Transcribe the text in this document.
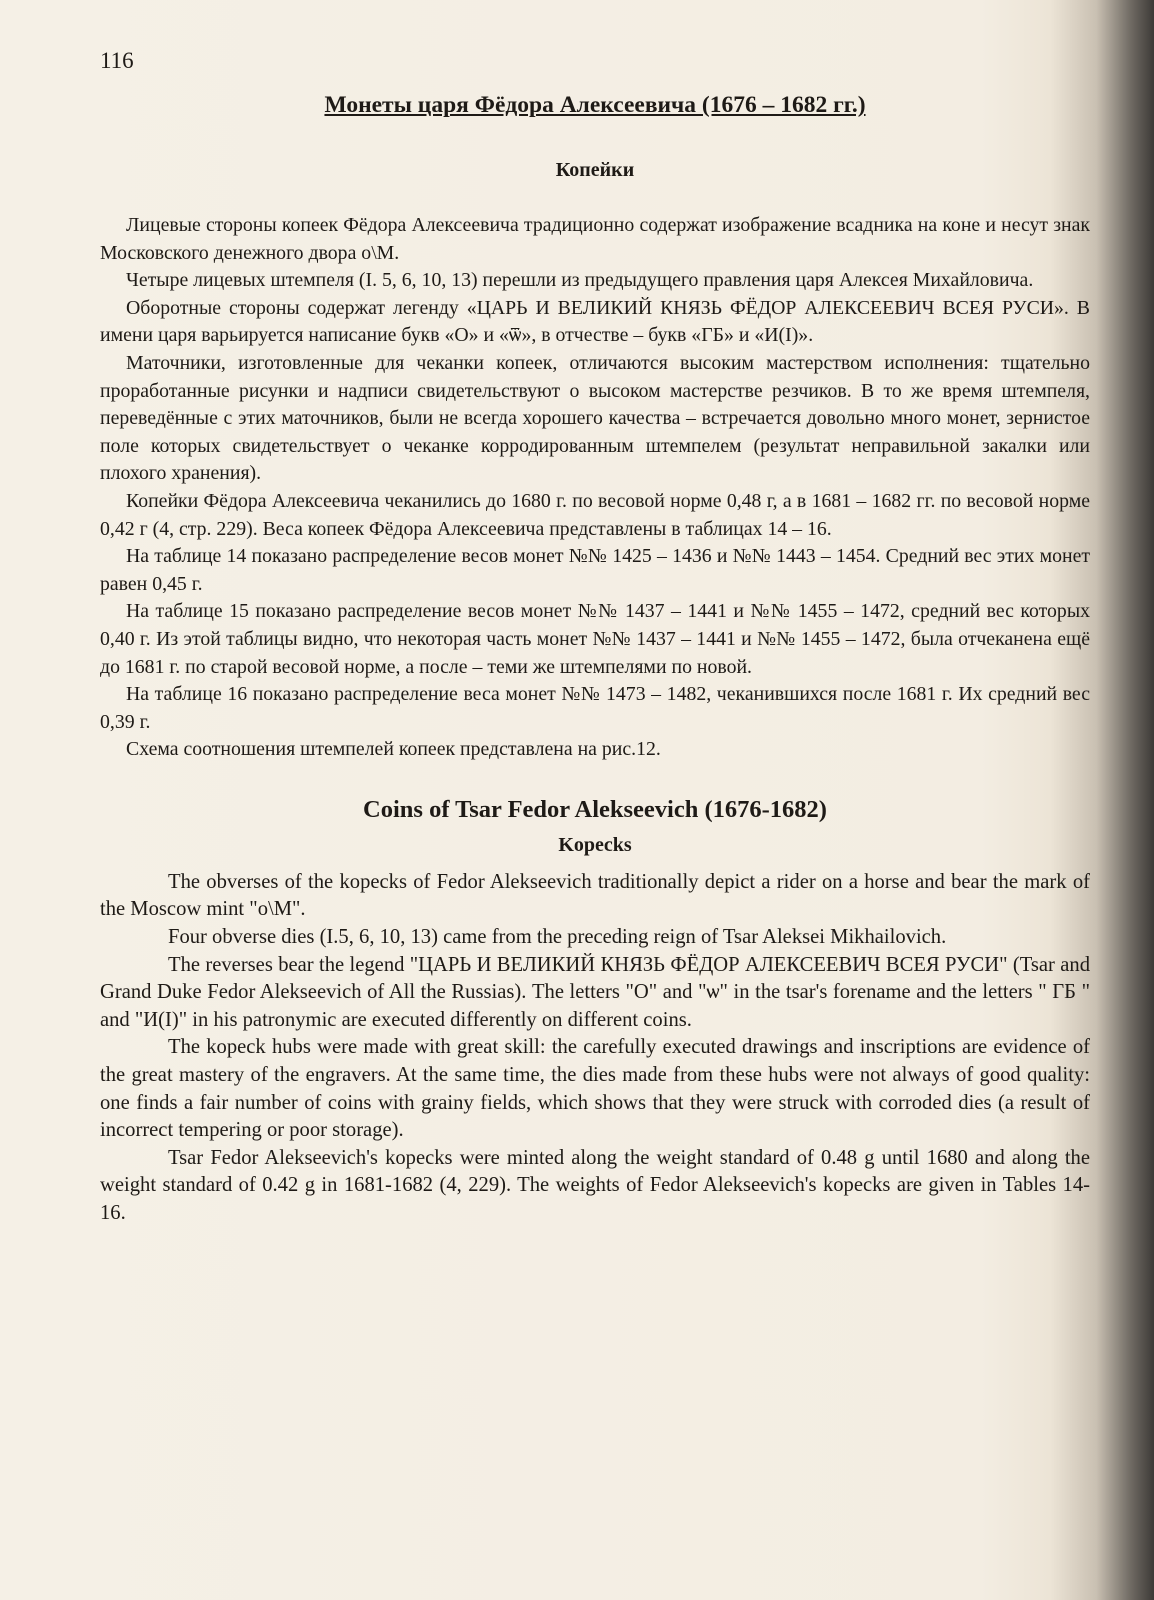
116
Монеты царя Фёдора Алексеевича (1676 – 1682 гг.)
Копейки

Лицевые стороны копеек Фёдора Алексеевича традиционно содержат изображение всадника на коне и несут знак Московского денежного двора о\М.

Четыре лицевых штемпеля (I. 5, 6, 10, 13) перешли из предыдущего правления царя Алексея Михайловича.

Оборотные стороны содержат легенду «ЦАРЬ И ВЕЛИКИЙ КНЯЗЬ ФЁДОР АЛЕКСЕЕВИЧ ВСЕЯ РУСИ». В имени царя варьируется написание букв «О» и «ѿ», в отчестве – букв «ГБ» и «И(I)».

Маточники, изготовленные для чеканки копеек, отличаются высоким мастерством исполнения: тщательно проработанные рисунки и надписи свидетельствуют о высоком мастерстве резчиков. В то же время штемпеля, переведённые с этих маточников, были не всегда хорошего качества – встречается довольно много монет, зернистое поле которых свидетельствует о чеканке корродированным штемпелем (результат неправильной закалки или плохого хранения).

Копейки Фёдора Алексеевича чеканились до 1680 г. по весовой норме 0,48 г, а в 1681 – 1682 гг. по весовой норме 0,42 г (4, стр. 229). Веса копеек Фёдора Алексеевича представлены в таблицах 14 – 16.

На таблице 14 показано распределение весов монет №№ 1425 – 1436 и №№ 1443 – 1454. Средний вес этих монет равен 0,45 г.

На таблице 15 показано распределение весов монет №№ 1437 – 1441 и №№ 1455 – 1472, средний вес которых 0,40 г. Из этой таблицы видно, что некоторая часть монет №№ 1437 – 1441 и №№ 1455 – 1472, была отчеканена ещё до 1681 г. по старой весовой норме, а после – теми же штемпелями по новой.

На таблице 16 показано распределение веса монет №№ 1473 – 1482, чеканившихся после 1681 г. Их средний вес 0,39 г.

Схема соотношения штемпелей копеек представлена на рис.12.

Coins of Tsar Fedor Alekseevich (1676-1682)
Kopecks

The obverses of the kopecks of Fedor Alekseevich traditionally depict a rider on a horse and bear the mark of the Moscow mint "o\M".

Four obverse dies (I.5, 6, 10, 13) came from the preceding reign of Tsar Aleksei Mikhailovich.

The reverses bear the legend "ЦАРЬ И ВЕЛИКИЙ КНЯЗЬ ФЁДОР АЛЕКСЕЕВИЧ ВСЕЯ РУСИ" (Tsar and Grand Duke Fedor Alekseevich of All the Russias). The letters "O" and "ѡ" in the tsar's forename and the letters " ГБ " and "И(I)" in his patronymic are executed differently on different coins.

The kopeck hubs were made with great skill: the carefully executed drawings and inscriptions are evidence of the great mastery of the engravers. At the same time, the dies made from these hubs were not always of good quality: one finds a fair number of coins with grainy fields, which shows that they were struck with corroded dies (a result of incorrect tempering or poor storage).

Tsar Fedor Alekseevich's kopecks were minted along the weight standard of 0.48 g until 1680 and along the weight standard of 0.42 g in 1681-1682 (4, 229). The weights of Fedor Alekseevich's kopecks are given in Tables 14-16.
